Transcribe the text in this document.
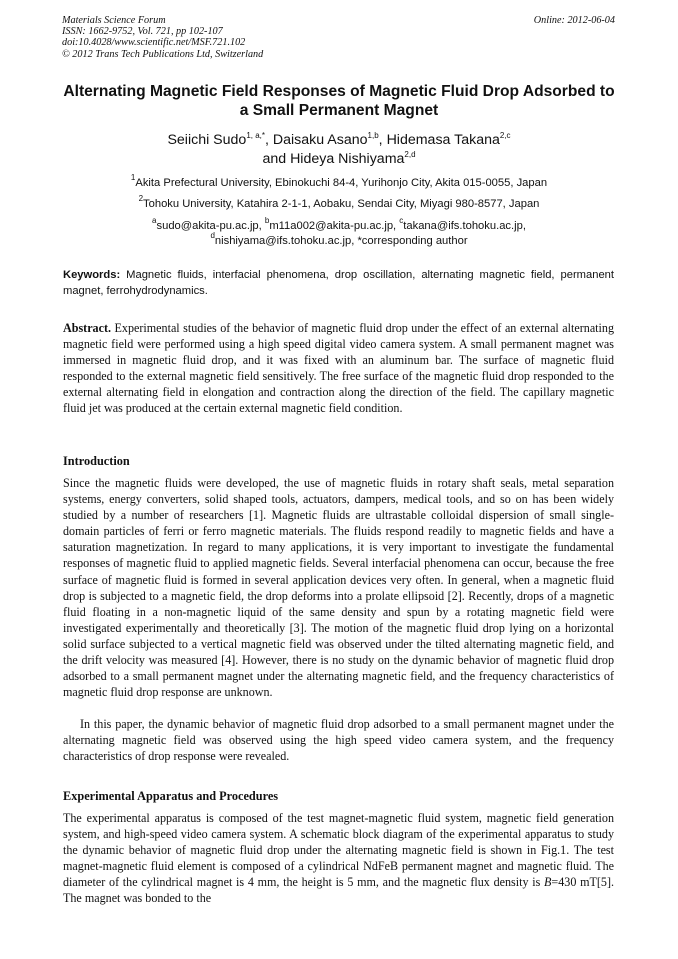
Materials Science Forum
ISSN: 1662-9752, Vol. 721, pp 102-107
doi:10.4028/www.scientific.net/MSF.721.102
© 2012 Trans Tech Publications Ltd, Switzerland
Online: 2012-06-04
Alternating Magnetic Field Responses of Magnetic Fluid Drop Adsorbed to a Small Permanent Magnet
Seiichi Sudo$^{1, a,*}$, Daisaku Asano$^{1,b}$, Hidemasa Takana$^{2,c}$
and Hideya Nishiyama$^{2,d}$
$^1$Akita Prefectural University, Ebinokuchi 84-4, Yurihonjo City, Akita 015-0055, Japan
$^2$Tohoku University, Katahira 2-1-1, Aobaku, Sendai City, Miyagi 980-8577, Japan
$^a$sudo@akita-pu.ac.jp, $^b$m11a002@akita-pu.ac.jp, $^c$takana@ifs.tohoku.ac.jp,
$^d$nishiyama@ifs.tohoku.ac.jp, *corresponding author
Keywords: Magnetic fluids, interfacial phenomena, drop oscillation, alternating magnetic field, permanent magnet, ferrohydrodynamics.
Abstract. Experimental studies of the behavior of magnetic fluid drop under the effect of an external alternating magnetic field were performed using a high speed digital video camera system. A small permanent magnet was immersed in magnetic fluid drop, and it was fixed with an aluminum bar. The surface of magnetic fluid responded to the external magnetic field sensitively. The free surface of the magnetic fluid drop responded to the external alternating field in elongation and contraction along the direction of the field. The capillary magnetic fluid jet was produced at the certain external magnetic field condition.
Introduction
Since the magnetic fluids were developed, the use of magnetic fluids in rotary shaft seals, metal separation systems, energy converters, solid shaped tools, actuators, dampers, medical tools, and so on has been widely studied by a number of researchers [1]. Magnetic fluids are ultrastable colloidal dispersion of small single-domain particles of ferri or ferro magnetic materials. The fluids respond readily to magnetic fields and have a saturation magnetization. In regard to many applications, it is very important to investigate the fundamental responses of magnetic fluid to applied magnetic fields. Several interfacial phenomena can occur, because the free surface of magnetic fluid is formed in several application devices very often. In general, when a magnetic fluid drop is subjected to a magnetic field, the drop deforms into a prolate ellipsoid [2]. Recently, drops of a magnetic fluid floating in a non-magnetic liquid of the same density and spun by a rotating magnetic field were investigated experimentally and theoretically [3]. The motion of the magnetic fluid drop lying on a horizontal solid surface subjected to a vertical magnetic field was observed under the tilted alternating magnetic field, and the drift velocity was measured [4]. However, there is no study on the dynamic behavior of magnetic fluid drop adsorbed to a small permanent magnet under the alternating magnetic field, and the frequency characteristics of magnetic fluid drop response are unknown.
In this paper, the dynamic behavior of magnetic fluid drop adsorbed to a small permanent magnet under the alternating magnetic field was observed using the high speed video camera system, and the frequency characteristics of drop response were revealed.
Experimental Apparatus and Procedures
The experimental apparatus is composed of the test magnet-magnetic fluid system, magnetic field generation system, and high-speed video camera system. A schematic block diagram of the experimental apparatus to study the dynamic behavior of magnetic fluid drop under the alternating magnetic field is shown in Fig.1. The test magnet-magnetic fluid element is composed of a cylindrical NdFeB permanent magnet and magnetic fluid. The diameter of the cylindrical magnet is 4 mm, the height is 5 mm, and the magnetic flux density is B=430 mT[5]. The magnet was bonded to the
